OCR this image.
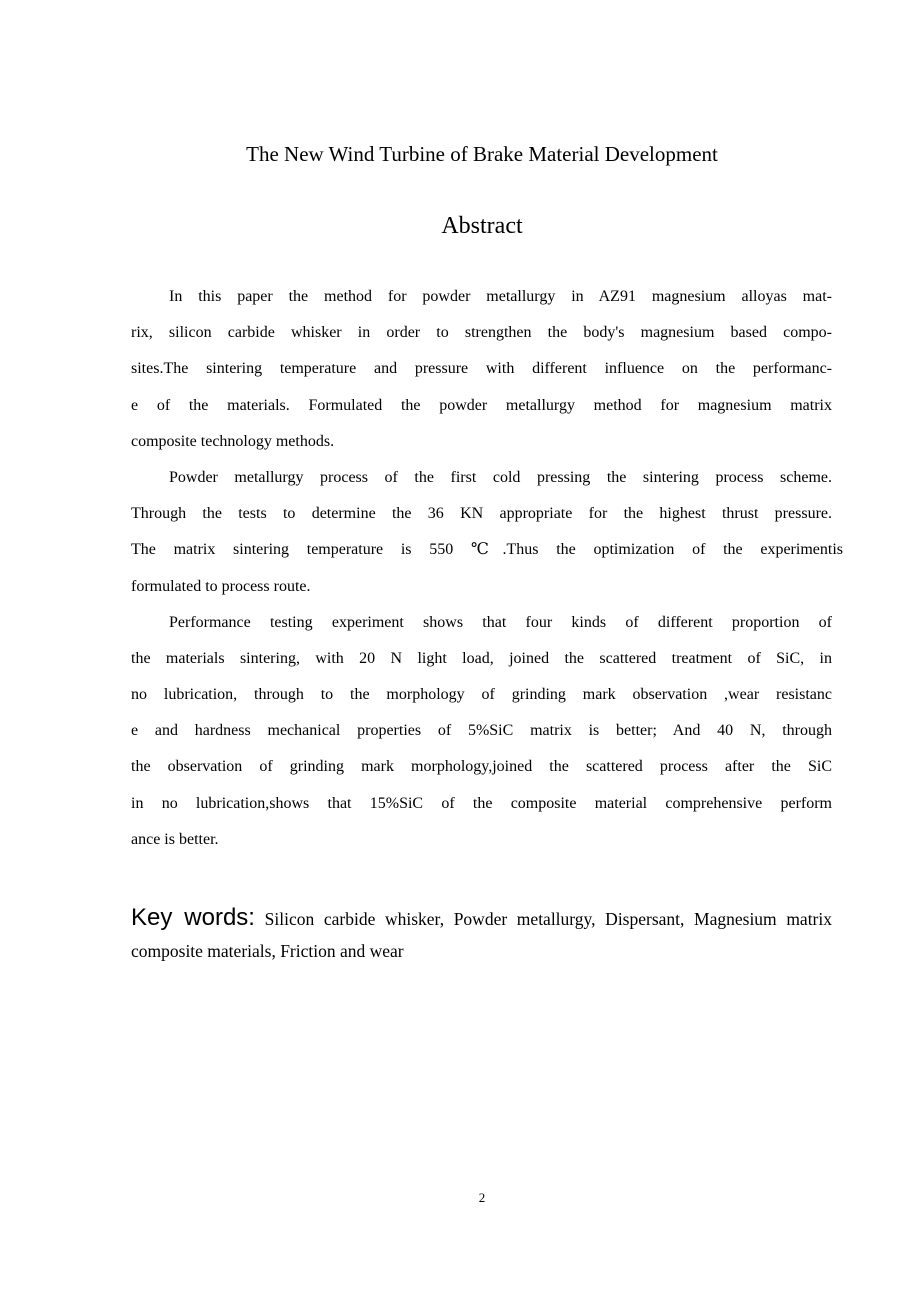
The New Wind Turbine of Brake Material Development
Abstract
In this paper the method for powder metallurgy in AZ91 magnesium alloyas mat-
rix, silicon carbide whisker in order to strengthen the body's magnesium based compo-
sites.The sintering temperature and pressure with different influence on the performanc-
e of the materials. Formulated the powder metallurgy method for magnesium matrix
composite technology methods.
Powder metallurgy process of the first cold pressing the sintering process scheme.
Through the tests to determine the 36 KN appropriate for the highest thrust pressure.
The matrix sintering temperature is 550 ℃.Thus the optimization of the experimentis
formulated to process route.
Performance testing experiment shows that four kinds of different proportion of
the materials sintering, with 20 N light load, joined the scattered treatment of SiC, in
no lubrication, through to the morphology of grinding mark observation ,wear resistanc
e and hardness mechanical properties of 5%SiC matrix is better; And 40 N, through
the observation of grinding mark morphology,joined the scattered process after the SiC
in no lubrication,shows that 15%SiC of the composite material comprehensive perform
ance is better.
Key words: Silicon carbide whisker, Powder metallurgy, Dispersant, Magnesium matrix
composite materials, Friction and wear
2
